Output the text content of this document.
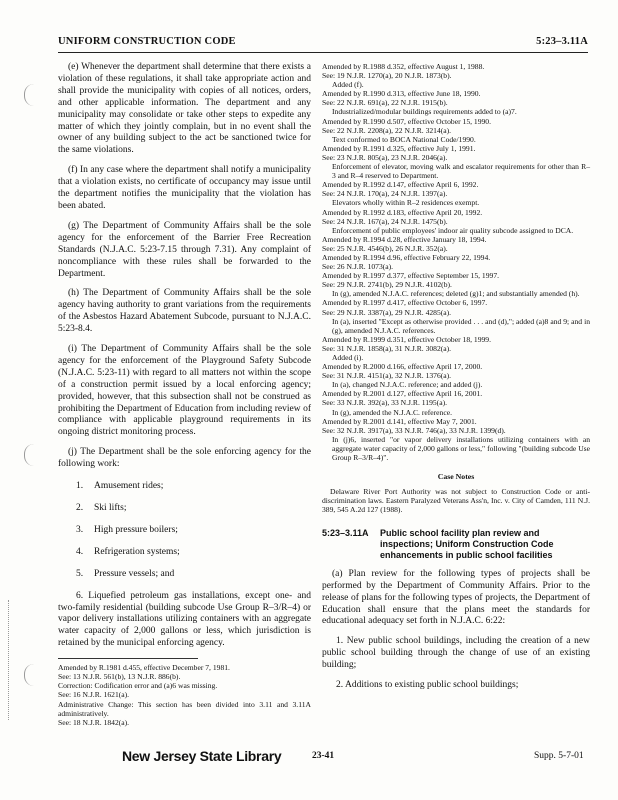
UNIFORM CONSTRUCTION CODE	5:23–3.11A

(e) Whenever the department shall determine that there exists a violation of these regulations, it shall take appropriate action and shall provide the municipality with copies of all notices, orders, and other applicable information. The department and any municipality may consolidate or take other steps to expedite any matter of which they jointly complain, but in no event shall the owner of any building subject to the act be sanctioned twice for the same violations.

(f) In any case where the department shall notify a municipality that a violation exists, no certificate of occupancy may issue until the department notifies the municipality that the violation has been abated.

(g) The Department of Community Affairs shall be the sole agency for the enforcement of the Barrier Free Recreation Standards (N.J.A.C. 5:23-7.15 through 7.31). Any complaint of noncompliance with these rules shall be forwarded to the Department.

(h) The Department of Community Affairs shall be the sole agency having authority to grant variations from the requirements of the Asbestos Hazard Abatement Subcode, pursuant to N.J.A.C. 5:23-8.4.

(i) The Department of Community Affairs shall be the sole agency for the enforcement of the Playground Safety Subcode (N.J.A.C. 5:23-11) with regard to all matters not within the scope of a construction permit issued by a local enforcing agency; provided, however, that this subsection shall not be construed as prohibiting the Department of Education from including review of compliance with applicable playground requirements in its ongoing district monitoring process.

(j) The Department shall be the sole enforcing agency for the following work:

1. Amusement rides;
2. Ski lifts;
3. High pressure boilers;
4. Refrigeration systems;
5. Pressure vessels; and

6. Liquefied petroleum gas installations, except one- and two-family residential (building subcode Use Group R–3/R–4) or vapor delivery installations utilizing containers with an aggregate water capacity of 2,000 gallons or less, which jurisdiction is retained by the municipal enforcing agency.

Amended by R.1981 d.455, effective December 7, 1981.
See: 13 N.J.R. 561(b), 13 N.J.R. 886(b).
Correction: Codification error and (a)6 was missing.
See: 16 N.J.R. 1621(a).
Administrative Change: This section has been divided into 3.11 and 3.11A administratively.
See: 18 N.J.R. 1842(a).
Amended by R.1988 d.352, effective August 1, 1988.
See: 19 N.J.R. 1270(a), 20 N.J.R. 1873(b).
Added (f).
Amended by R.1990 d.313, effective June 18, 1990.
See: 22 N.J.R. 691(a), 22 N.J.R. 1915(b).
Industrialized/modular buildings requirements added to (a)7.
Amended by R.1990 d.507, effective October 15, 1990.
See: 22 N.J.R. 2208(a), 22 N.J.R. 3214(a).
Text conformed to BOCA National Code/1990.
Amended by R.1991 d.325, effective July 1, 1991.
See: 23 N.J.R. 805(a), 23 N.J.R. 2046(a).
Enforcement of elevator, moving walk and escalator requirements for other than R–3 and R–4 reserved to Department.
Amended by R.1992 d.147, effective April 6, 1992.
See: 24 N.J.R. 170(a), 24 N.J.R. 1397(a).
Elevators wholly within R–2 residences exempt.
Amended by R.1992 d.183, effective April 20, 1992.
See: 24 N.J.R. 167(a), 24 N.J.R. 1475(b).
Enforcement of public employees' indoor air quality subcode assigned to DCA.
Amended by R.1994 d.28, effective January 18, 1994.
See: 25 N.J.R. 4546(b), 26 N.J.R. 352(a).
Amended by R.1994 d.96, effective February 22, 1994.
See: 26 N.J.R. 1073(a).
Amended by R.1997 d.377, effective September 15, 1997.
See: 29 N.J.R. 2741(b), 29 N.J.R. 4102(b).
In (g), amended N.J.A.C. references; deleted (g)1; and substantially amended (h).
Amended by R.1997 d.417, effective October 6, 1997.
See: 29 N.J.R. 3387(a), 29 N.J.R. 4285(a).
In (a), inserted "Except as otherwise provided . . . and (d),"; added (a)8 and 9; and in (g), amended N.J.A.C. references.
Amended by R.1999 d.351, effective October 18, 1999.
See: 31 N.J.R. 1858(a), 31 N.J.R. 3082(a).
Added (i).
Amended by R.2000 d.166, effective April 17, 2000.
See: 31 N.J.R. 4151(a), 32 N.J.R. 1376(a).
In (a), changed N.J.A.C. reference; and added (j).
Amended by R.2001 d.127, effective April 16, 2001.
See: 33 N.J.R. 392(a), 33 N.J.R. 1195(a).
In (g), amended the N.J.A.C. reference.
Amended by R.2001 d.141, effective May 7, 2001.
See: 32 N.J.R. 3917(a), 33 N.J.R. 746(a), 33 N.J.R. 1399(d).
In (j)6, inserted "or vapor delivery installations utilizing containers with an aggregate water capacity of 2,000 gallons or less," following "(building subcode Use Group R–3/R–4)".
Case Notes

Delaware River Port Authority was not subject to Construction Code or anti-discrimination laws. Eastern Paralyzed Veterans Ass'n, Inc. v. City of Camden, 111 N.J. 389, 545 A.2d 127 (1988).

5:23–3.11A	Public school facility plan review and inspections; Uniform Construction Code enhancements in public school facilities

(a) Plan review for the following types of projects shall be performed by the Department of Community Affairs. Prior to the release of plans for the following types of projects, the Department of Education shall ensure that the plans meet the standards for educational adequacy set forth in N.J.A.C. 6:22:

1. New public school buildings, including the creation of a new public school building through the change of use of an existing building;

2. Additions to existing public school buildings;

New Jersey State Library	23-41	Supp. 5-7-01
